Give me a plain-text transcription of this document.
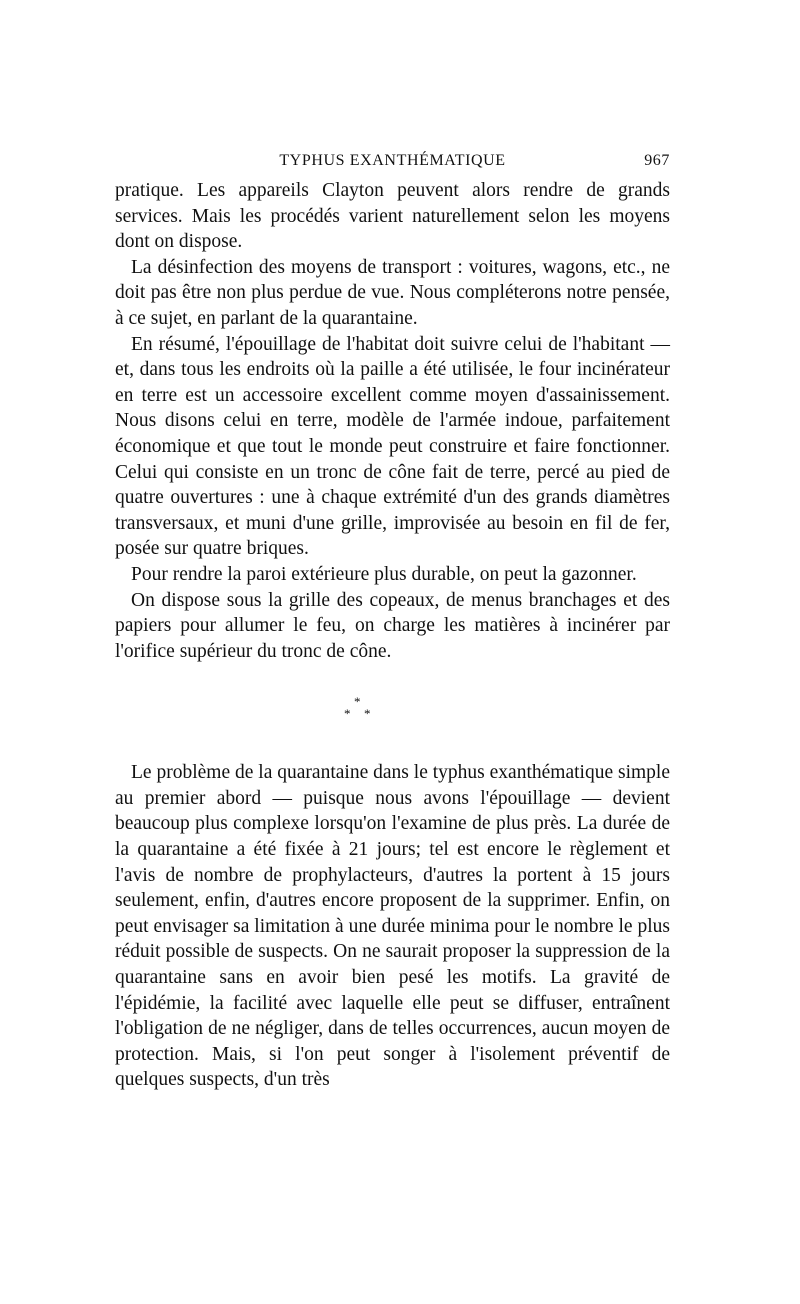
TYPHUS EXANTHÉMATIQUE	967

pratique. Les appareils Clayton peuvent alors rendre de grands services. Mais les procédés varient naturellement selon les moyens dont on dispose.

La désinfection des moyens de transport : voitures, wagons, etc., ne doit pas être non plus perdue de vue. Nous compléterons notre pensée, à ce sujet, en parlant de la quarantaine.

En résumé, l'épouillage de l'habitat doit suivre celui de l'habitant — et, dans tous les endroits où la paille a été utilisée, le four incinérateur en terre est un accessoire excellent comme moyen d'assainissement. Nous disons celui en terre, modèle de l'armée indoue, parfaitement économique et que tout le monde peut construire et faire fonctionner. Celui qui consiste en un tronc de cône fait de terre, percé au pied de quatre ouvertures : une à chaque extrémité d'un des grands diamètres transversaux, et muni d'une grille, improvisée au besoin en fil de fer, posée sur quatre briques.

Pour rendre la paroi extérieure plus durable, on peut la gazonner.

On dispose sous la grille des copeaux, de menus branchages et des papiers pour allumer le feu, on charge les matières à incinérer par l'orifice supérieur du tronc de cône.

*
* *

Le problème de la quarantaine dans le typhus exanthématique simple au premier abord — puisque nous avons l'épouillage — devient beaucoup plus complexe lorsqu'on l'examine de plus près. La durée de la quarantaine a été fixée à 21 jours; tel est encore le règlement et l'avis de nombre de prophylacteurs, d'autres la portent à 15 jours seulement, enfin, d'autres encore proposent de la supprimer. Enfin, on peut envisager sa limitation à une durée minima pour le nombre le plus réduit possible de suspects. On ne saurait proposer la suppression de la quarantaine sans en avoir bien pesé les motifs. La gravité de l'épidémie, la facilité avec laquelle elle peut se diffuser, entraînent l'obligation de ne négliger, dans de telles occurrences, aucun moyen de protection. Mais, si l'on peut songer à l'isolement préventif de quelques suspects, d'un très
